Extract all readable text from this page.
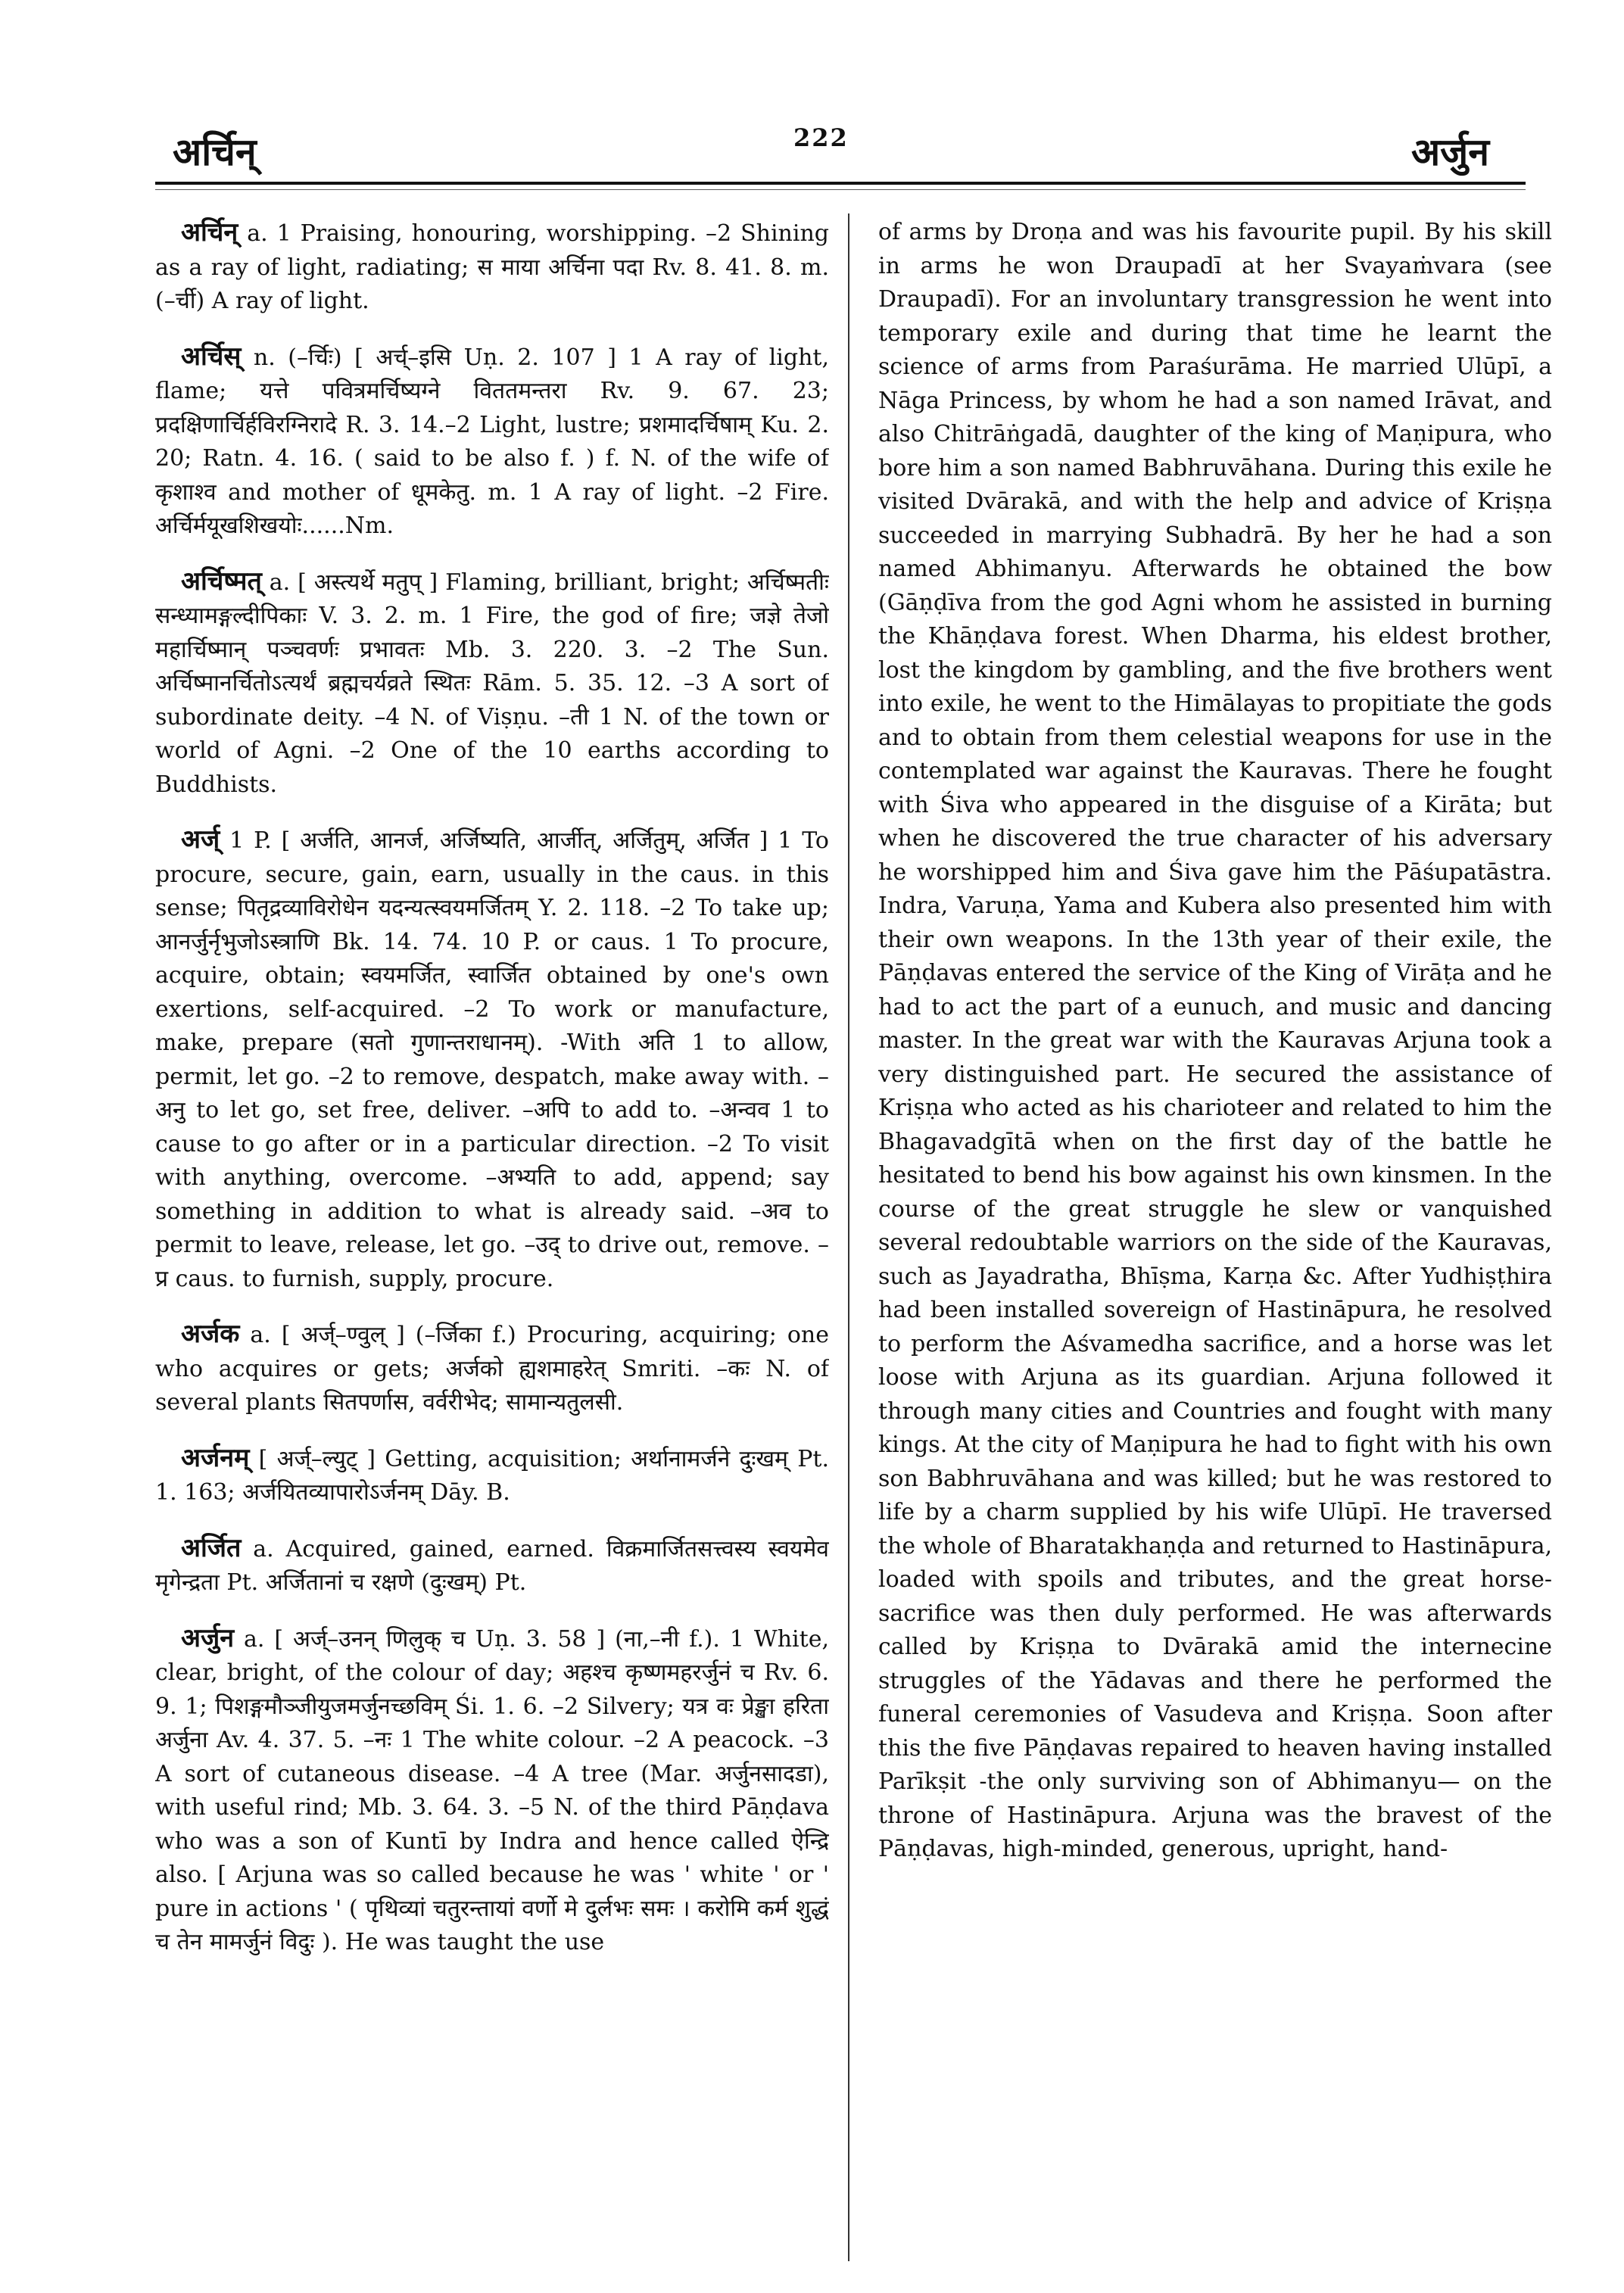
अर्चिन्	222	अर्जुन

अर्चिन् a. 1 Praising, honouring, worshipping. –2 Shining as a ray of light, radiating; स माया अर्चिना पदा Rv. 8. 41. 8. m. (–र्ची) A ray of light.

अर्चिस् n. (–र्चिः) [ अर्च्–इसि Uṇ. 2. 107 ] 1 A ray of light, flame; यत्ते पवित्रमर्चिष्यग्ने विततमन्तरा Rv. 9. 67. 23; प्रदक्षिणार्चिर्हविरग्निरादे R. 3. 14.–2 Light, lustre; प्रशमादर्चिषाम् Ku. 2. 20; Ratn. 4. 16. ( said to be also f. ) f. N. of the wife of कृशाश्व and mother of धूमकेतु. m. 1 A ray of light. –2 Fire. अर्चिर्मयूखशिखयोः......Nm.

अर्चिष्मत् a. [ अस्त्यर्थे मतुप् ] Flaming, brilliant, bright; अर्चिष्मतीः सन्ध्यामङ्गल्दीपिकाः V. 3. 2. m. 1 Fire, the god of fire; जज्ञे तेजो महार्चिष्मान् पञ्चवर्णः प्रभावतः Mb. 3. 220. 3. –2 The Sun. अर्चिष्मानर्चितोऽत्यर्थं ब्रह्मचर्यव्रते स्थितः Rām. 5. 35. 12. –3 A sort of subordinate deity. –4 N. of Viṣṇu. –ती 1 N. of the town or world of Agni. –2 One of the 10 earths according to Buddhists.

अर्ज् 1 P. [ अर्जति, आनर्ज, अर्जिष्यति, आर्जीत्, अर्जितुम्, अर्जित ] 1 To procure, secure, gain, earn, usually in the caus. in this sense; पितृद्रव्याविरोधेन यदन्यत्स्वयमर्जितम् Y. 2. 118. –2 To take up; आनर्जुर्नृभुजोऽस्त्राणि Bk. 14. 74. 10 P. or caus. 1 To procure, acquire, obtain; स्वयमर्जित, स्वार्जित obtained by one's own exertions, self-acquired. –2 To work or manufacture, make, prepare (सतो गुणान्तराधानम्). -With अति 1 to allow, permit, let go. –2 to remove, despatch, make away with. –अनु to let go, set free, deliver. –अपि to add to. –अन्वव 1 to cause to go after or in a particular direction. –2 To visit with anything, overcome. –अभ्यति to add, append; say something in addition to what is already said. –अव to permit to leave, release, let go. –उद् to drive out, remove. –प्र caus. to furnish, supply, procure.

अर्जक a. [ अर्ज्–ण्वुल् ] (–र्जिका f.) Procuring, acquiring; one who acquires or gets; अर्जको ह्यशमाहरेत् Smriti. –कः N. of several plants सितपर्णास, वर्वरीभेद; सामान्यतुलसी.

अर्जनम् [ अर्ज्–ल्युट् ] Getting, acquisition; अर्थानामर्जने दुःखम् Pt. 1. 163; अर्जयितव्यापारोऽर्जनम् Dāy. B.

अर्जित a. Acquired, gained, earned. विक्रमार्जितसत्त्वस्य स्वयमेव मृगेन्द्रता Pt. अर्जितानां च रक्षणे (दुःखम्) Pt.

अर्जुन a. [ अर्ज्–उनन् णिलुक् च Uṇ. 3. 58 ] (ना,–नी f.). 1 White, clear, bright, of the colour of day; अहश्च कृष्णमहरर्जुनं च Rv. 6. 9. 1; पिशङ्गमौञ्जीयुजमर्जुनच्छविम् Śi. 1. 6. –2 Silvery; यत्र वः प्रेङ्खा हरिता अर्जुना Av. 4. 37. 5. –नः 1 The white colour. –2 A peacock. –3 A sort of cutaneous disease. –4 A tree (Mar. अर्जुनसादडा), with useful rind; Mb. 3. 64. 3. –5 N. of the third Pāṇḍava who was a son of Kuntī by Indra and hence called ऐन्द्रि also. [ Arjuna was so called because he was ' white ' or ' pure in actions ' ( पृथिव्यां चतुरन्तायां वर्णो मे दुर्लभः समः । करोमि कर्म शुद्धं च तेन मामर्जुनं विदुः ). He was taught the use

of arms by Droṇa and was his favourite pupil. By his skill in arms he won Draupadī at her Svayaṁvara (see Draupadī). For an involuntary transgression he went into temporary exile and during that time he learnt the science of arms from Paraśurāma. He married Ulūpī, a Nāga Princess, by whom he had a son named Irāvat, and also Chitrāṅgadā, daughter of the king of Maṇipura, who bore him a son named Babhruvāhana. During this exile he visited Dvārakā, and with the help and advice of Kriṣṇa succeeded in marrying Subhadrā. By her he had a son named Abhimanyu. Afterwards he obtained the bow (Gāṇḍīva from the god Agni whom he assisted in burning the Khāṇḍava forest. When Dharma, his eldest brother, lost the kingdom by gambling, and the five brothers went into exile, he went to the Himālayas to propitiate the gods and to obtain from them celestial weapons for use in the contemplated war against the Kauravas. There he fought with Śiva who appeared in the disguise of a Kirāta; but when he discovered the true character of his adversary he worshipped him and Śiva gave him the Pāśupatāstra. Indra, Varuṇa, Yama and Kubera also presented him with their own weapons. In the 13th year of their exile, the Pāṇḍavas entered the service of the King of Virāṭa and he had to act the part of a eunuch, and music and dancing master. In the great war with the Kauravas Arjuna took a very distinguished part. He secured the assistance of Kriṣṇa who acted as his charioteer and related to him the Bhagavadgītā when on the first day of the battle he hesitated to bend his bow against his own kinsmen. In the course of the great struggle he slew or vanquished several redoubtable warriors on the side of the Kauravas, such as Jayadratha, Bhīṣma, Karṇa &c. After Yudhiṣṭhira had been installed sovereign of Hastināpura, he resolved to perform the Aśvamedha sacrifice, and a horse was let loose with Arjuna as its guardian. Arjuna followed it through many cities and Countries and fought with many kings. At the city of Maṇipura he had to fight with his own son Babhruvāhana and was killed; but he was restored to life by a charm supplied by his wife Ulūpī. He traversed the whole of Bharatakhaṇḍa and returned to Hastināpura, loaded with spoils and tributes, and the great horse-sacrifice was then duly performed. He was afterwards called by Kriṣṇa to Dvārakā amid the internecine struggles of the Yādavas and there he performed the funeral ceremonies of Vasudeva and Kriṣṇa. Soon after this the five Pāṇḍavas repaired to heaven having installed Parīkṣit -the only surviving son of Abhimanyu— on the throne of Hastināpura. Arjuna was the bravest of the Pāṇḍavas, high-minded, generous, upright, hand-
